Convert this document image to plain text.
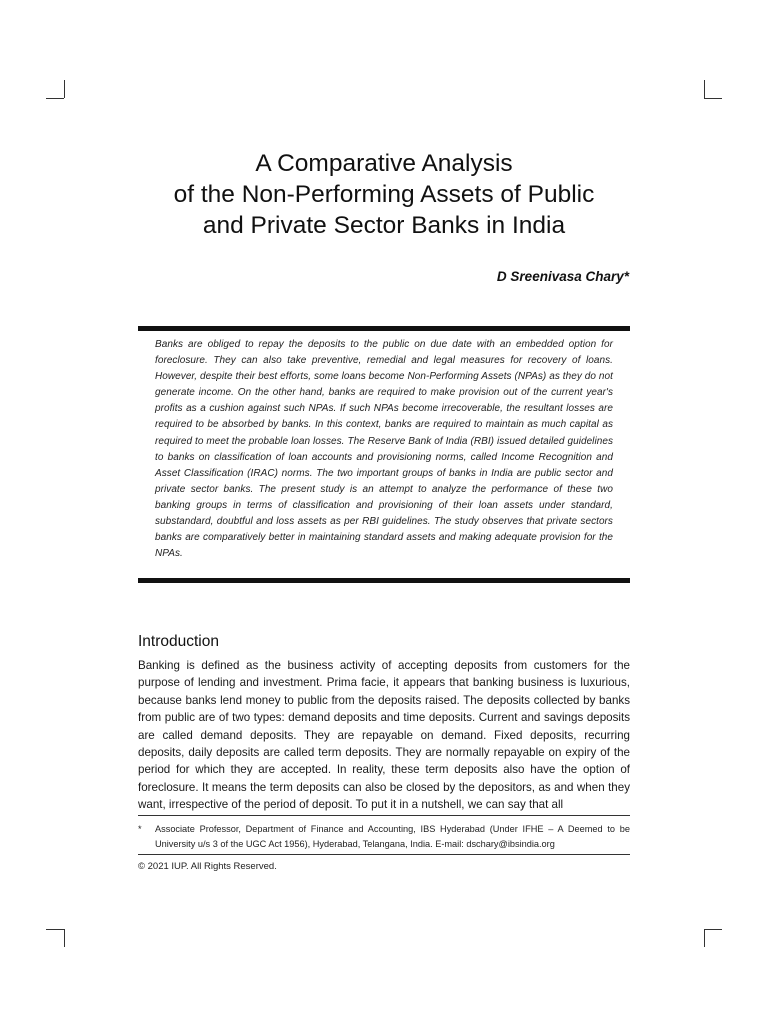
A Comparative Analysis
of the Non-Performing Assets of Public
and Private Sector Banks in India
D Sreenivasa Chary*

Banks are obliged to repay the deposits to the public on due date with an embedded option for foreclosure. They can also take preventive, remedial and legal measures for recovery of loans. However, despite their best efforts, some loans become Non-Performing Assets (NPAs) as they do not generate income. On the other hand, banks are required to make provision out of the current year's profits as a cushion against such NPAs. If such NPAs become irrecoverable, the resultant losses are required to be absorbed by banks. In this context, banks are required to maintain as much capital as required to meet the probable loan losses. The Reserve Bank of India (RBI) issued detailed guidelines to banks on classification of loan accounts and provisioning norms, called Income Recognition and Asset Classification (IRAC) norms. The two important groups of banks in India are public sector and private sector banks. The present study is an attempt to analyze the performance of these two banking groups in terms of classification and provisioning of their loan assets under standard, substandard, doubtful and loss assets as per RBI guidelines. The study observes that private sectors banks are comparatively better in maintaining standard assets and making adequate provision for the NPAs.

Introduction

Banking is defined as the business activity of accepting deposits from customers for the purpose of lending and investment. Prima facie, it appears that banking business is luxurious, because banks lend money to public from the deposits raised. The deposits collected by banks from public are of two types: demand deposits and time deposits. Current and savings deposits are called demand deposits. They are repayable on demand. Fixed deposits, recurring deposits, daily deposits are called term deposits. They are normally repayable on expiry of the period for which they are accepted. In reality, these term deposits also have the option of foreclosure. It means the term deposits can also be closed by the depositors, as and when they want, irrespective of the period of deposit. To put it in a nutshell, we can say that all

* Associate Professor, Department of Finance and Accounting, IBS Hyderabad (Under IFHE – A Deemed to be University u/s 3 of the UGC Act 1956), Hyderabad, Telangana, India. E-mail: dschary@ibsindia.org
© 2021 IUP. All Rights Reserved.
